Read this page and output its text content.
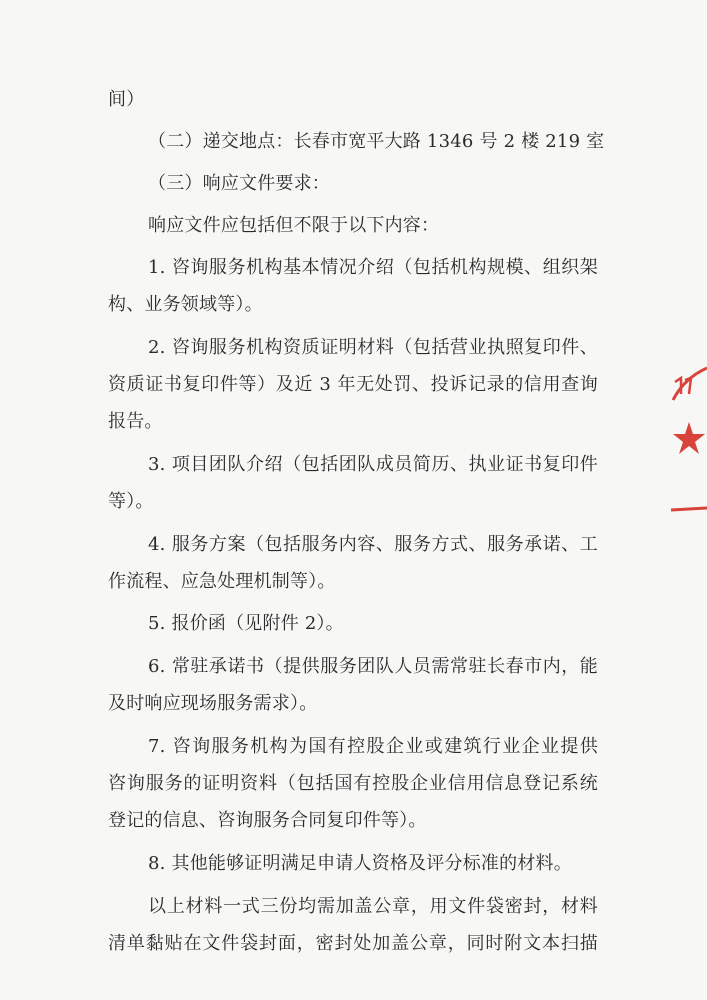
间）
（二）递交地点：长春市宽平大路 1346 号 2 楼 219 室
（三）响应文件要求：
响应文件应包括但不限于以下内容：
1. 咨询服务机构基本情况介绍（包括机构规模、组织架
构、业务领域等）。
2. 咨询服务机构资质证明材料（包括营业执照复印件、
资质证书复印件等）及近 3 年无处罚、投诉记录的信用查询
报告。
3. 项目团队介绍（包括团队成员简历、执业证书复印件
等）。
4. 服务方案（包括服务内容、服务方式、服务承诺、工
作流程、应急处理机制等）。
5. 报价函（见附件 2）。
6. 常驻承诺书（提供服务团队人员需常驻长春市内，能
及时响应现场服务需求）。
7. 咨询服务机构为国有控股企业或建筑行业企业提供
咨询服务的证明资料（包括国有控股企业信用信息登记系统
登记的信息、咨询服务合同复印件等）。
8. 其他能够证明满足申请人资格及评分标准的材料。
以上材料一式三份均需加盖公章，用文件袋密封，材料
清单黏贴在文件袋封面，密封处加盖公章，同时附文本扫描
